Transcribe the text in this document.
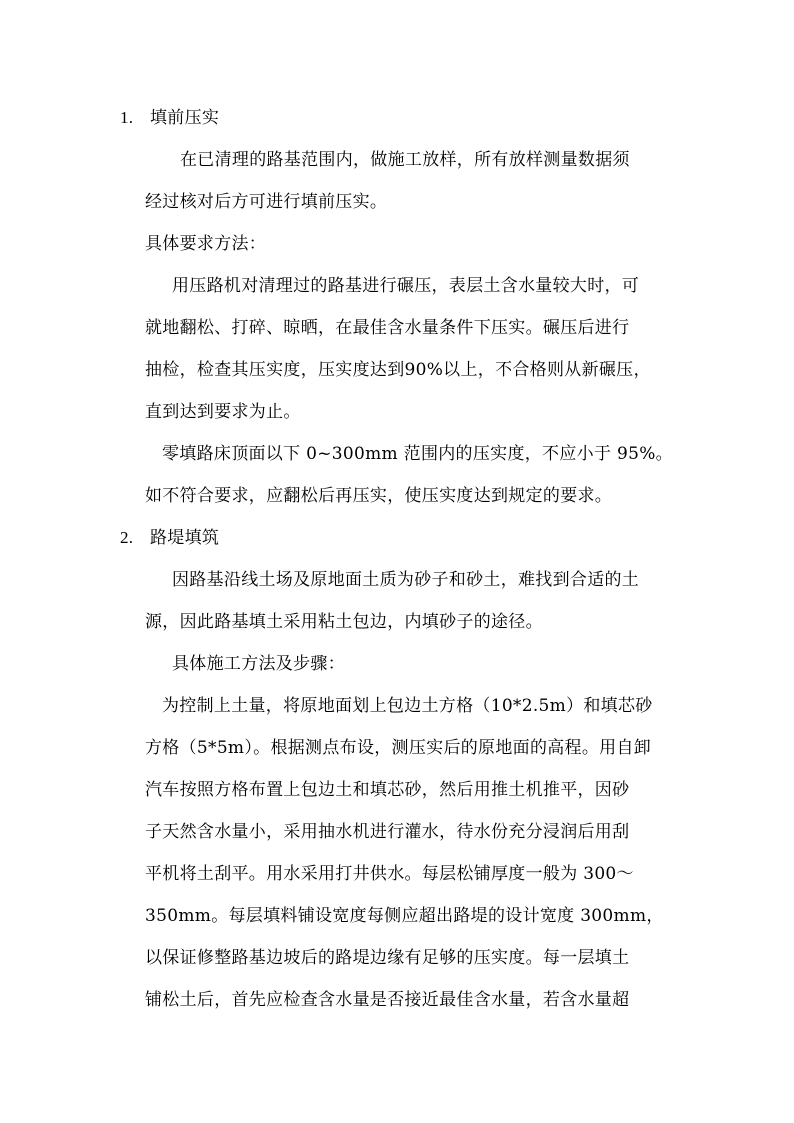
1. 填前压实
在已清理的路基范围内，做施工放样，所有放样测量数据须
经过核对后方可进行填前压实。
具体要求方法：
用压路机对清理过的路基进行碾压，表层土含水量较大时，可
就地翻松、打碎、晾晒，在最佳含水量条件下压实。碾压后进行
抽检，检查其压实度，压实度达到90%以上，不合格则从新碾压，
直到达到要求为止。
零填路床顶面以下 0~300mm 范围内的压实度，不应小于 95%。
如不符合要求，应翻松后再压实，使压实度达到规定的要求。
2. 路堤填筑
因路基沿线土场及原地面土质为砂子和砂土，难找到合适的土
源，因此路基填土采用粘土包边，内填砂子的途径。
具体施工方法及步骤：
为控制上土量，将原地面划上包边土方格（10*2.5m）和填芯砂
方格（5*5m）。根据测点布设，测压实后的原地面的高程。用自卸
汽车按照方格布置上包边土和填芯砂，然后用推土机推平，因砂
子天然含水量小，采用抽水机进行灌水，待水份充分浸润后用刮
平机将土刮平。用水采用打井供水。每层松铺厚度一般为 300～
350mm。每层填料铺设宽度每侧应超出路堤的设计宽度 300mm，
以保证修整路基边坡后的路堤边缘有足够的压实度。每一层填土
铺松土后，首先应检查含水量是否接近最佳含水量，若含水量超
